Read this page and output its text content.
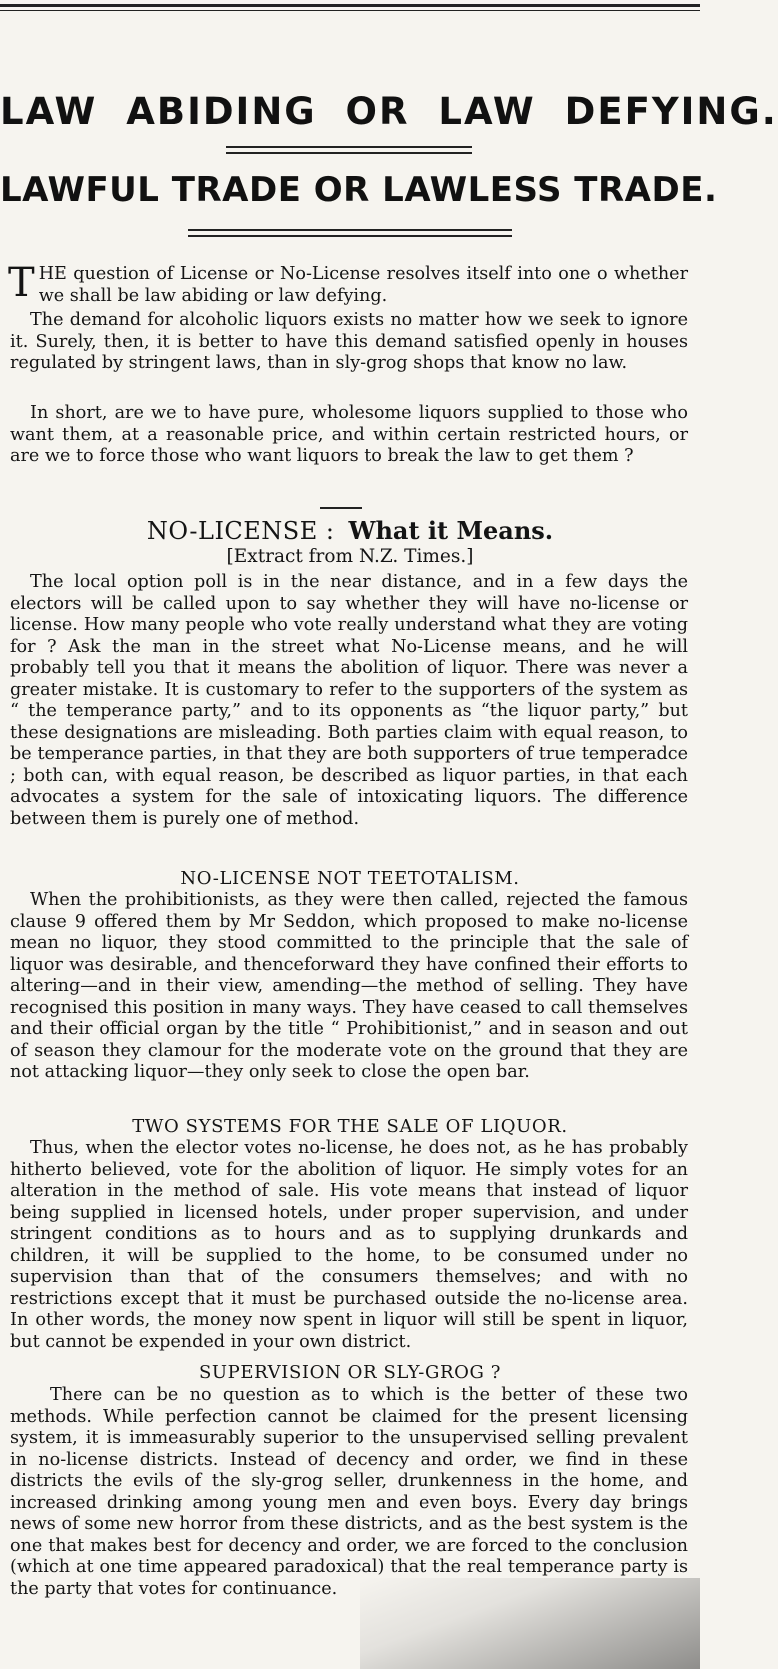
LAW ABIDING OR LAW DEFYING.
LAWFUL TRADE OR LAWLESS TRADE.

THE question of License or No-License resolves itself into one o whether we shall be law abiding or law defying.

The demand for alcoholic liquors exists no matter how we seek to ignore it. Surely, then, it is better to have this demand satisfied openly in houses regulated by stringent laws, than in sly-grog shops that know no law.

In short, are we to have pure, wholesome liquors supplied to those who want them, at a reasonable price, and within certain restricted hours, or are we to force those who want liquors to break the law to get them ?

NO-LICENSE : What it Means.
[Extract from N.Z. Times.]

The local option poll is in the near distance, and in a few days the electors will be called upon to say whether they will have no-license or license. How many people who vote really understand what they are voting for ? Ask the man in the street what No-License means, and he will probably tell you that it means the abolition of liquor. There was never a greater mistake. It is customary to refer to the supporters of the system as “ the temperance party,” and to its opponents as “the liquor party,” but these designations are misleading. Both parties claim with equal reason, to be temperance parties, in that they are both supporters of true temperadce ; both can, with equal reason, be described as liquor parties, in that each advocates a system for the sale of intoxicating liquors. The difference between them is purely one of method.

NO-LICENSE NOT TEETOTALISM.

When the prohibitionists, as they were then called, rejected the famous clause 9 offered them by Mr Seddon, which proposed to make no-license mean no liquor, they stood committed to the principle that the sale of liquor was desirable, and thenceforward they have confined their efforts to altering—and in their view, amending—the method of selling. They have recognised this position in many ways. They have ceased to call themselves and their official organ by the title “ Prohibitionist,” and in season and out of season they clamour for the moderate vote on the ground that they are not attacking liquor—they only seek to close the open bar.

TWO SYSTEMS FOR THE SALE OF LIQUOR.

Thus, when the elector votes no-license, he does not, as he has probably hitherto believed, vote for the abolition of liquor. He simply votes for an alteration in the method of sale. His vote means that instead of liquor being supplied in licensed hotels, under proper supervision, and under stringent conditions as to hours and as to supplying drunkards and children, it will be supplied to the home, to be consumed under no supervision than that of the consumers themselves; and with no restrictions except that it must be purchased outside the no-license area. In other words, the money now spent in liquor will still be spent in liquor, but cannot be expended in your own district.

SUPERVISION OR SLY-GROG ?

There can be no question as to which is the better of these two methods. While perfection cannot be claimed for the present licensing system, it is immeasurably superior to the unsupervised selling prevalent in no-license districts. Instead of decency and order, we find in these districts the evils of the sly-grog seller, drunkenness in the home, and increased drinking among young men and even boys. Every day brings news of some new horror from these districts, and as the best system is the one that makes best for decency and order, we are forced to the conclusion (which at one time appeared paradoxical) that the real temperance party is the party that votes for continuance.
